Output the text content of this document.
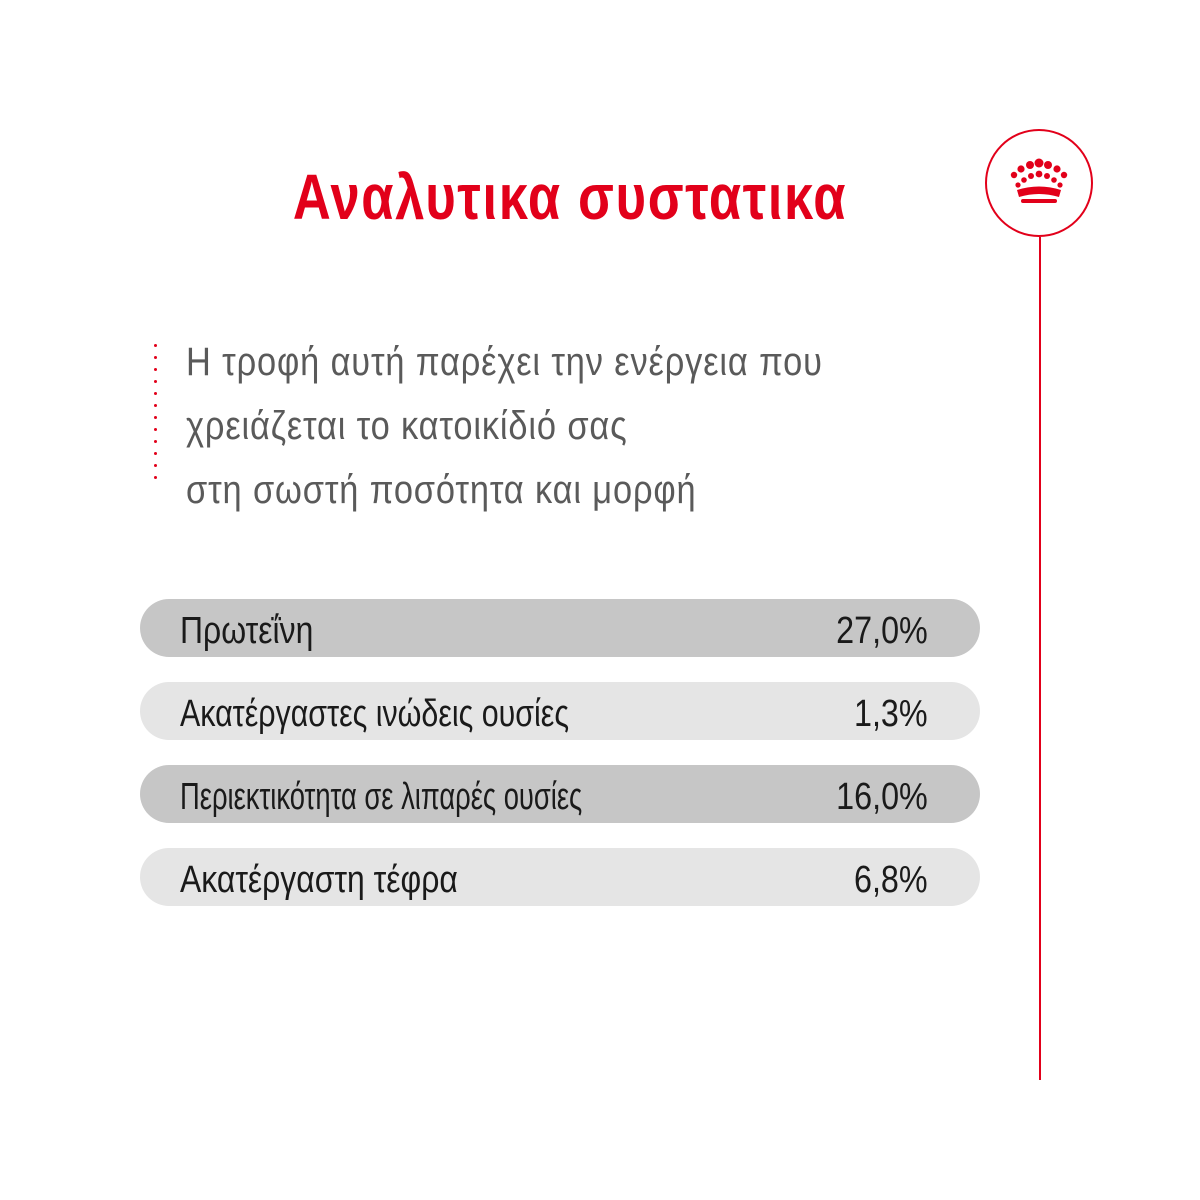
Αναλυτικα συστατικα
Η τροφή αυτή παρέχει την ενέργεια που
χρειάζεται το κατοικίδιό σας
στη σωστή ποσότητα και μορφή
Πρωτεΐνη	27,0%
Ακατέργαστες ινώδεις ουσίες	1,3%
Περιεκτικότητα σε λιπαρές ουσίες	16,0%
Ακατέργαστη τέφρα	6,8%
